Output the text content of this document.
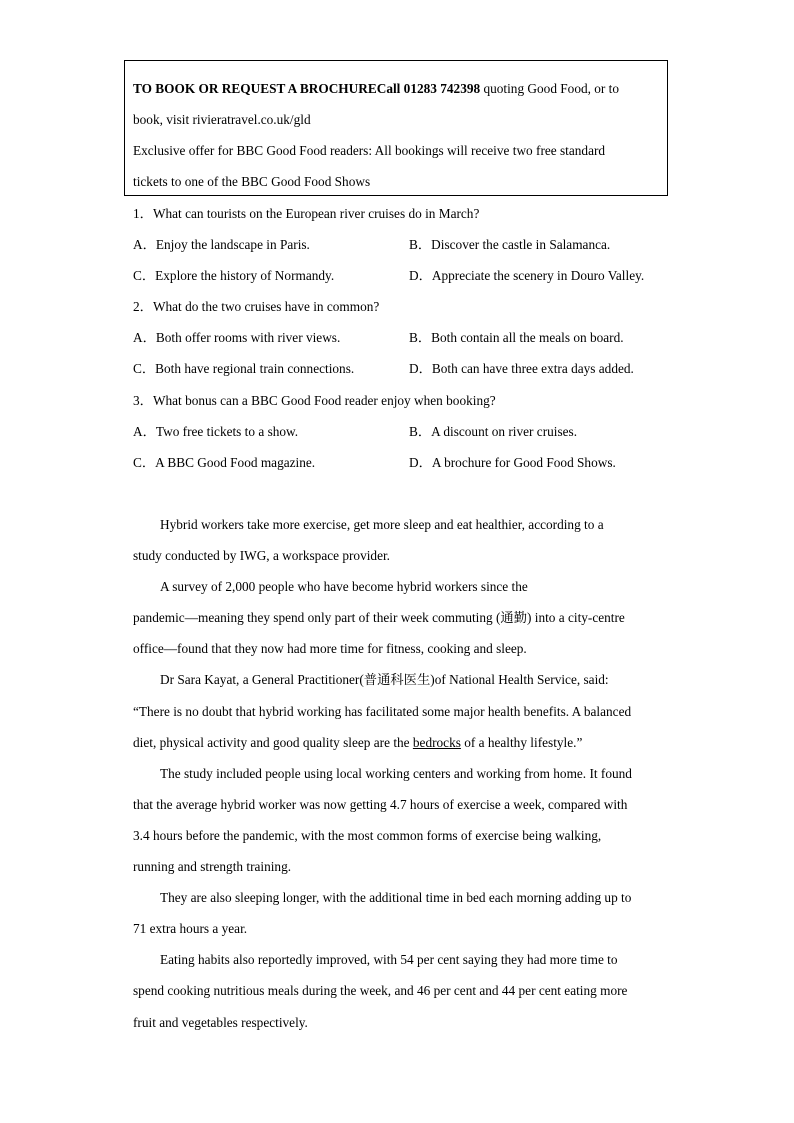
TO BOOK OR REQUEST A BROCHURECall 01283 742398 quoting Good Food, or to

book, visit rivieratravel.co.uk/gld

Exclusive offer for BBC Good Food readers: All bookings will receive two free standard

tickets to one of the BBC Good Food Shows

1．What can tourists on the European river cruises do in March?
A．Enjoy the landscape in Paris.	B．Discover the castle in Salamanca.
C．Explore the history of Normandy.	D．Appreciate the scenery in Douro Valley.
2．What do the two cruises have in common?
A．Both offer rooms with river views.	B．Both contain all the meals on board.
C．Both have regional train connections.	D．Both can have three extra days added.
3．What bonus can a BBC Good Food reader enjoy when booking?
A．Two free tickets to a show.	B．A discount on river cruises.
C．A BBC Good Food magazine.	D．A brochure for Good Food Shows.
Hybrid workers take more exercise, get more sleep and eat healthier, according to a
study conducted by IWG, a workspace provider.
A survey of 2,000 people who have become hybrid workers since the
pandemic—meaning they spend only part of their week commuting (通勤) into a city-centre
office—found that they now had more time for fitness, cooking and sleep.
Dr Sara Kayat, a General Practitioner(普通科医生)of National Health Service, said:
“There is no doubt that hybrid working has facilitated some major health benefits. A balanced
diet, physical activity and good quality sleep are the bedrocks of a healthy lifestyle.”
The study included people using local working centers and working from home. It found
that the average hybrid worker was now getting 4.7 hours of exercise a week, compared with
3.4 hours before the pandemic, with the most common forms of exercise being walking,
running and strength training.
They are also sleeping longer, with the additional time in bed each morning adding up to
71 extra hours a year.
Eating habits also reportedly improved, with 54 per cent saying they had more time to
spend cooking nutritious meals during the week, and 46 per cent and 44 per cent eating more
fruit and vegetables respectively.
